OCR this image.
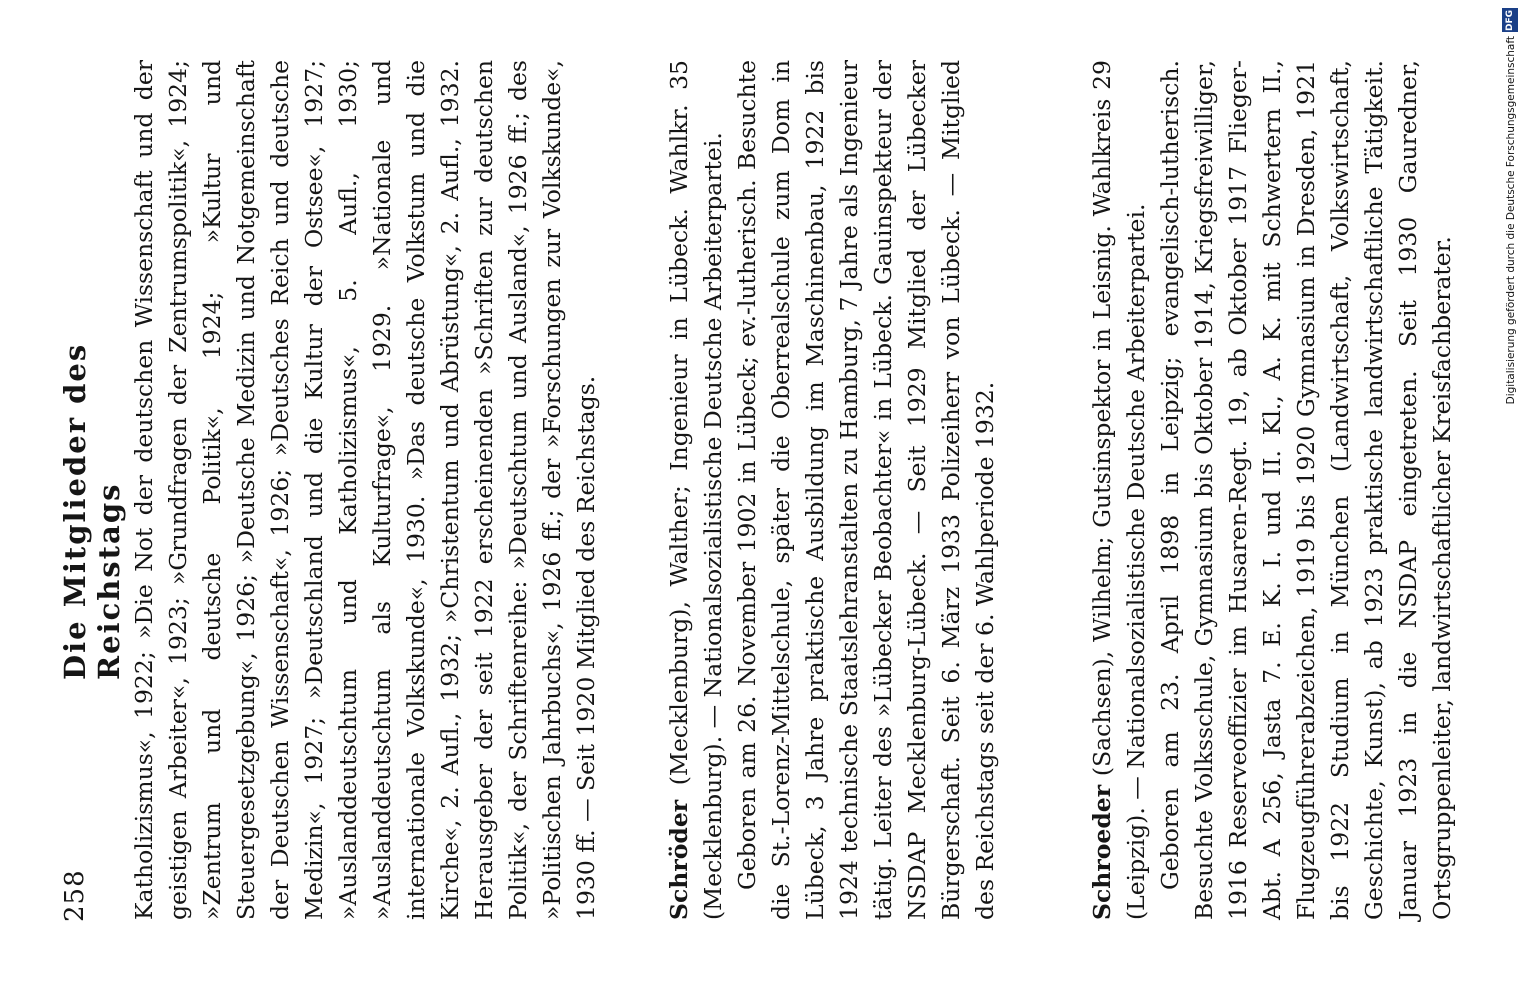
258
Die Mitglieder des Reichstags Katholizismus«, 1922; »Die Not der deutschen Wissenschaft und der geistigen Arbeiter«, 1923; »Grundfragen der Zentrumspolitik«, 1924; »Zentrum und deutsche Politik«, 1924; »Kultur und Steuergesetzgebung«, 1926; »Deutsche Medizin und Notgemeinschaft der Deutschen Wissenschaft«, 1926; »Deutsches Reich und deutsche Medizin«, 1927; »Deutschland und die Kultur der Ostsee«, 1927; »Auslanddeutschtum und Katholizismus«, 5. Aufl., 1930; »Auslanddeutschtum als Kulturfrage«, 1929. »Nationale und internationale Volkskunde«, 1930. »Das deutsche Volkstum und die Kirche«, 2. Aufl., 1932; »Christentum und Abrüstung«, 2. Aufl., 1932. Herausgeber der seit 1922 erscheinenden »Schriften zur deutschen Politik«, der Schriftenreihe: »Deutschtum und Ausland«, 1926 ff.; des »Politischen Jahrbuchs«, 1926 ff.; der »Forschungen zur Volkskunde«, 1930 ff. — Seit 1920 Mitglied des Reichstags.	Schröder (Mecklenburg), Walther; Ingenieur in Lübeck. Wahlkr. 35 (Mecklenburg). — Nationalsozialistische Deutsche Arbeiterpartei. Geboren am 26. November 1902 in Lübeck; ev.-lutherisch. Besuchte die St.-Lorenz-Mittelschule, später die Oberrealschule zum Dom in Lübeck, 3 Jahre praktische Ausbildung im Maschinenbau, 1922 bis 1924 technische Staatslehranstalten zu Hamburg, 7 Jahre als Ingenieur tätig. Leiter des »Lübecker Beobachter« in Lübeck. Gauinspekteur der NSDAP Mecklenburg-Lübeck. — Seit 1929 Mitglied der Lübecker Bürgerschaft. Seit 6. März 1933 Polizeiherr von Lübeck. — Mitglied des Reichstags seit der 6. Wahlperiode 1932.	Schroeder (Sachsen), Wilhelm; Gutsinspektor in Leisnig. Wahlkreis 29 (Leipzig). — Nationalsozialistische Deutsche Arbeiterpartei. Geboren am 23. April 1898 in Leipzig; evangelisch-lutherisch. Besuchte Volksschule, Gymnasium bis Oktober 1914, Kriegsfreiwilliger, 1916 Reserveoffizier im Husaren-Regt. 19, ab Oktober 1917 Flieger-Abt. A 256, Jasta 7. E. K. I. und II. Kl., A. K. mit Schwertern II., Flugzeugführerabzeichen, 1919 bis 1920 Gymnasium in Dresden, 1921 bis 1922 Studium in München (Landwirtschaft, Volkswirtschaft, Geschichte, Kunst), ab 1923 praktische landwirtschaftliche Tätigkeit. Januar 1923 in die NSDAP eingetreten. Seit 1930 Gauredner, Ortsgruppenleiter, landwirtschaftlicher Kreisfachberater.

DFG
Digitalisierung gefördert durch die Deutsche Forschungsgemeinschaft
